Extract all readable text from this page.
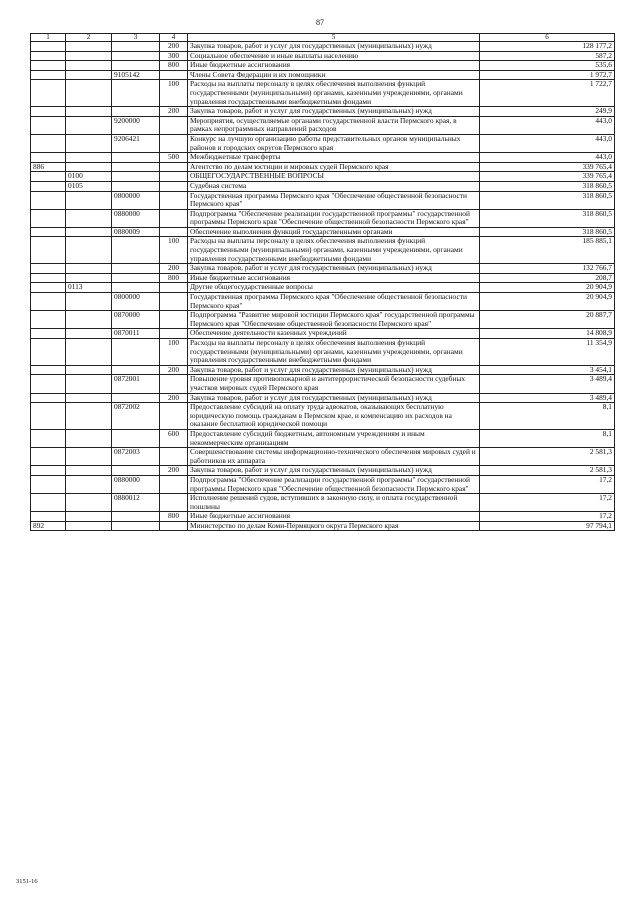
87
1	2	3	4	5	6
			200	Закупка товаров, работ и услуг для государственных (муниципальных) нужд	128 177,2
			300	Социальное обеспечение и иные выплаты населению	587,2
			800	Иные бюджетные ассигнования	535,6
		9105142		Члены Совета Федерации и их помощники	1 972,7
			100	Расходы на выплаты персоналу в целях обеспечения выполнения функций государственными (муниципальными) органами, казенными учреждениями, органами управления государственными внебюджетными фондами	1 722,7
			200	Закупка товаров, работ и услуг для государственных (муниципальных) нужд	249,9
		9200000		Мероприятия, осуществляемые органами государственной власти Пермского края, в рамках непрограммных направлений расходов	443,0
		9206421		Конкурс на лучшую организацию работы представительных органов муниципальных районов и городских округов Пермского края	443,0
			500	Межбюджетные трансферты	443,0
886				Агентство по делам юстиции и мировых судей Пермского края	339 765,4
	0100			ОБЩЕГОСУДАРСТВЕННЫЕ ВОПРОСЫ	339 765,4
	0105			Судебная система	318 860,5
		0800000		Государственная программа Пермского края "Обеспечение общественной безопасности Пермского края"	318 860,5
		0880000		Подпрограмма "Обеспечение реализации государственной программы" государственной программы Пермского края "Обеспечение общественной безопасности Пермского края"	318 860,5
		0880009		Обеспечение выполнения функций государственными органами	318 860,5
			100	Расходы на выплаты персоналу в целях обеспечения выполнения функций государственными (муниципальными) органами, казенными учреждениями, органами управления государственными внебюджетными фондами	185 885,1
			200	Закупка товаров, работ и услуг для государственных (муниципальных) нужд	132 766,7
			800	Иные бюджетные ассигнования	208,7
	0113			Другие общегосударственные вопросы	20 904,9
		0800000		Государственная программа Пермского края "Обеспечение общественной безопасности Пермского края"	20 904,9
		0870000		Подпрограмма "Развитие мировой юстиции Пермского края" государственной программы Пермского края "Обеспечение общественной безопасности Пермского края"	20 887,7
		0870011		Обеспечение деятельности казенных учреждений	14 808,9
			100	Расходы на выплаты персоналу в целях обеспечения выполнения функций государственными (муниципальными) органами, казенными учреждениями, органами управления государственными внебюджетными фондами	11 354,9
			200	Закупка товаров, работ и услуг для государственных (муниципальных) нужд	3 454,1
		0872001		Повышение уровня противопожарной и антитеррористической безопасности судебных участков мировых судей Пермского края	3 489,4
			200	Закупка товаров, работ и услуг для государственных (муниципальных) нужд	3 489,4
		0872002		Предоставление субсидий на оплату труда адвокатов, оказывающих бесплатную юридическую помощь гражданам в Пермском крае, и компенсацию их расходов на оказание бесплатной юридической помощи	8,1
			600	Предоставление субсидий бюджетным, автономным учреждениям и иным некоммерческим организациям	8,1
		0872003		Совершенствование системы информационно-технического обеспечения мировых судей и работников их аппарата	2 581,3
			200	Закупка товаров, работ и услуг для государственных (муниципальных) нужд	2 581,3
		0880000		Подпрограмма "Обеспечение реализации государственной программы" государственной программы Пермского края "Обеспечение общественной безопасности Пермского края"	17,2
		0880012		Исполнение решений судов, вступивших в законную силу, и оплата государственной пошлины	17,2
			800	Иные бюджетные ассигнования	17,2
892				Министерство по делам Коми-Пермяцкого округа Пермского края	97 794,1
3151-16
